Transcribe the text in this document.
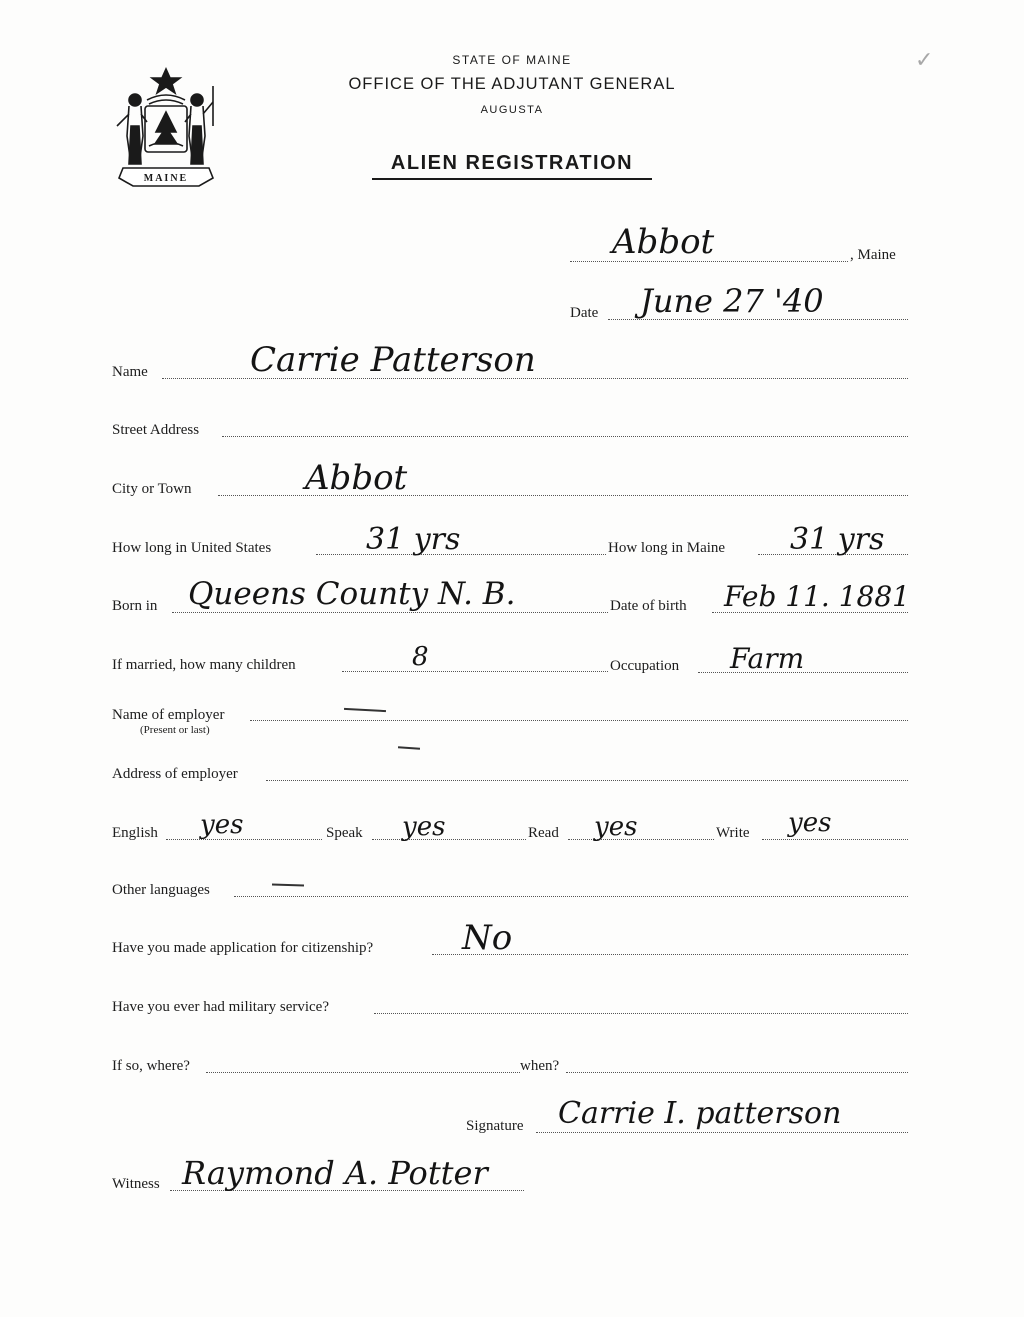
MAINE
✓
STATE OF MAINE
OFFICE OF THE ADJUTANT GENERAL
AUGUSTA
ALIEN REGISTRATION
Abbot	, Maine
Date June 27 '40
Name	Carrie Patterson
Street Address
City or Town	Abbot
How long in United States	31 yrs	How long in Maine 31 yrs
Born in Queens County N. B.	Date of birth Feb 11. 1881
If married, how many children	8	Occupation Farm
Name of employer
(Present or last)
Address of employer
English yes	Speak yes	Read yes	Write yes
Other languages
Have you made application for citizenship?	No
Have you ever had military service?
If so, where?	when?
Signature Carrie I. patterson
Witness Raymond A. Potter
